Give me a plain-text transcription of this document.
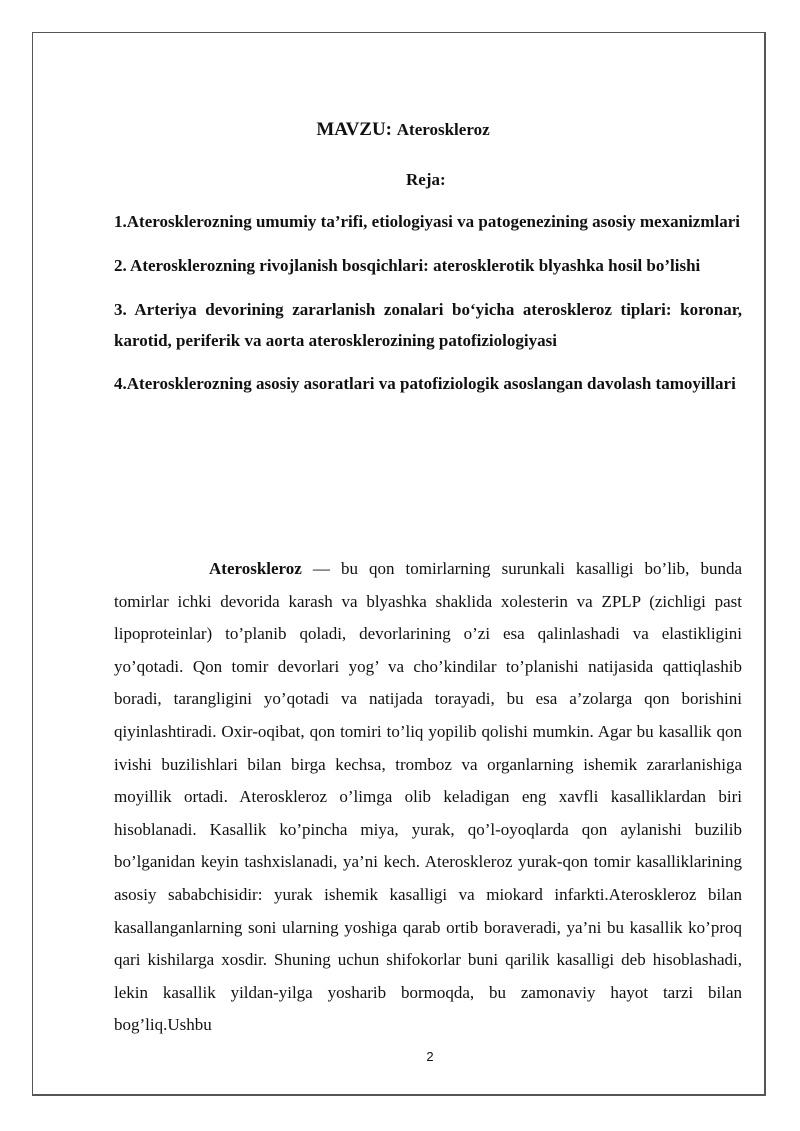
MAVZU: Ateroskleroz

Reja:

1.Aterosklerozning umumiy ta’rifi, etiologiyasi va patogenezining asosiy mexanizmlari
2. Aterosklerozning rivojlanish bosqichlari: aterosklerotik blyashka hosil bo’lishi
3. Arteriya devorining zararlanish zonalari bo‘yicha ateroskleroz tiplari: koronar, karotid, periferik va aorta aterosklerozining patofiziologiyasi
4.Aterosklerozning asosiy asoratlari va patofiziologik asoslangan davolash tamoyillari

Ateroskleroz — bu qon tomirlarning surunkali kasalligi bo’lib, bunda tomirlar ichki devorida karash va blyashka shaklida xolesterin va ZPLP (zichligi past lipoproteinlar) to’planib qoladi, devorlarining o’zi esa qalinlashadi va elastikligini yo’qotadi. Qon tomir devorlari yog’ va cho’kindilar to’planishi natijasida qattiqlashib boradi, tarangligini yo’qotadi va natijada torayadi, bu esa a’zolarga qon borishini qiyinlashtiradi. Oxir-oqibat, qon tomiri to’liq yopilib qolishi mumkin. Agar bu kasallik qon ivishi buzilishlari bilan birga kechsa, tromboz va organlarning ishemik zararlanishiga moyillik ortadi. Ateroskleroz o’limga olib keladigan eng xavfli kasalliklardan biri hisoblanadi. Kasallik ko’pincha miya, yurak, qo’l-oyoqlarda qon aylanishi buzilib bo’lganidan keyin tashxislanadi, ya’ni kech. Ateroskleroz yurak-qon tomir kasalliklarining asosiy sababchisidir: yurak ishemik kasalligi va miokard infarkti.Ateroskleroz bilan kasallanganlarning soni ularning yoshiga qarab ortib boraveradi, ya’ni bu kasallik ko’proq qari kishilarga xosdir. Shuning uchun shifokorlar buni qarilik kasalligi deb hisoblashadi, lekin kasallik yildan-yilga yosharib bormoqda, bu zamonaviy hayot tarzi bilan bog’liq.Ushbu

2
